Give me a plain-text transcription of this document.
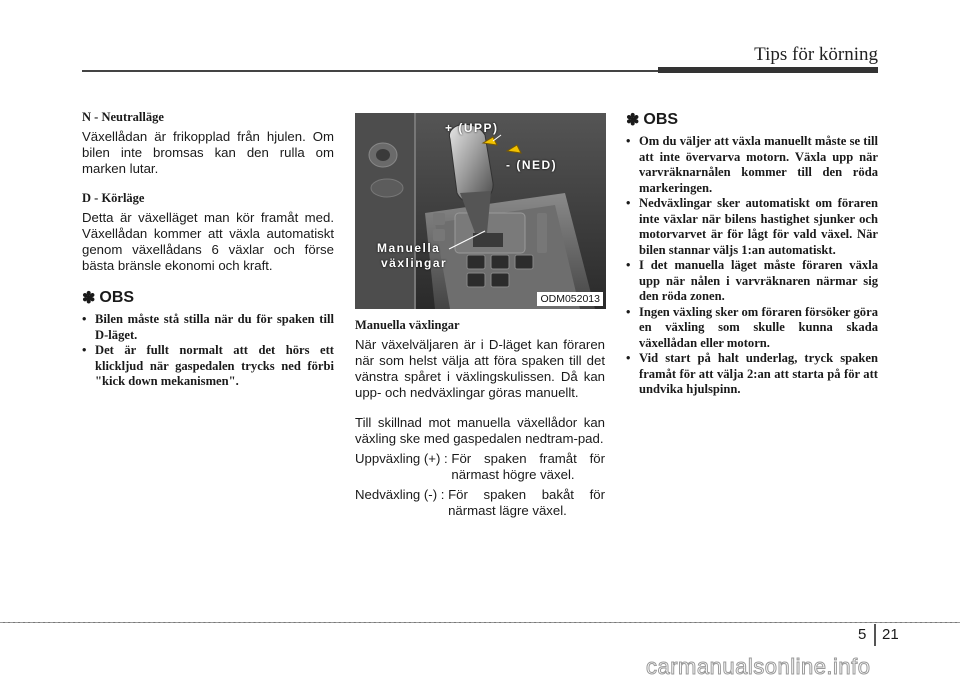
Tips för körning
N - Neutralläge
Växellådan är frikopplad från hjulen. Om bilen inte bromsas kan den rulla om marken lutar.
D - Körläge
Detta är växelläget man kör framåt med. Växellådan kommer att växla automatiskt genom växellådans 6 växlar och förse bästa bränsle ekonomi och kraft.
✽ OBS
• Bilen måste stå stilla när du för spaken till D-läget.
• Det är fullt normalt att det hörs ett klickljud när gaspedalen trycks ned förbi "kick down mekanismen".
+ (UPP)
- (NED)
Manuella
växlingar
ODM052013
Manuella växlingar
När växelväljaren är i D-läget kan föraren när som helst välja att föra spaken till det vänstra spåret i växlingskulissen. Då kan upp- och nedväxlingar göras manuellt.
Till skillnad mot manuella växellådor kan växling ske med gaspedalen nedtram-pad.
Uppväxling (+) : För spaken framåt för
närmast högre växel.
Nedväxling (-) : För spaken bakåt för
närmast lägre växel.
✽ OBS
• Om du väljer att växla manuellt måste se till att inte övervarva motorn. Växla upp när varvräknarnålen kommer till den röda markeringen.
• Nedväxlingar sker automatiskt om föraren inte växlar när bilens hastighet sjunker och motorvarvet är för lågt för vald växel. När bilen stannar väljs 1:an automatiskt.
• I det manuella läget måste föraren växla upp när nålen i varvräknaren närmar sig den röda zonen.
• Ingen växling sker om föraren försöker göra en växling som skulle kunna skada växellådan eller motorn.
• Vid start på halt underlag, tryck spaken framåt för att välja 2:an att starta på för att undvika hjulspinn.
5 21
carmanualsonline.info
